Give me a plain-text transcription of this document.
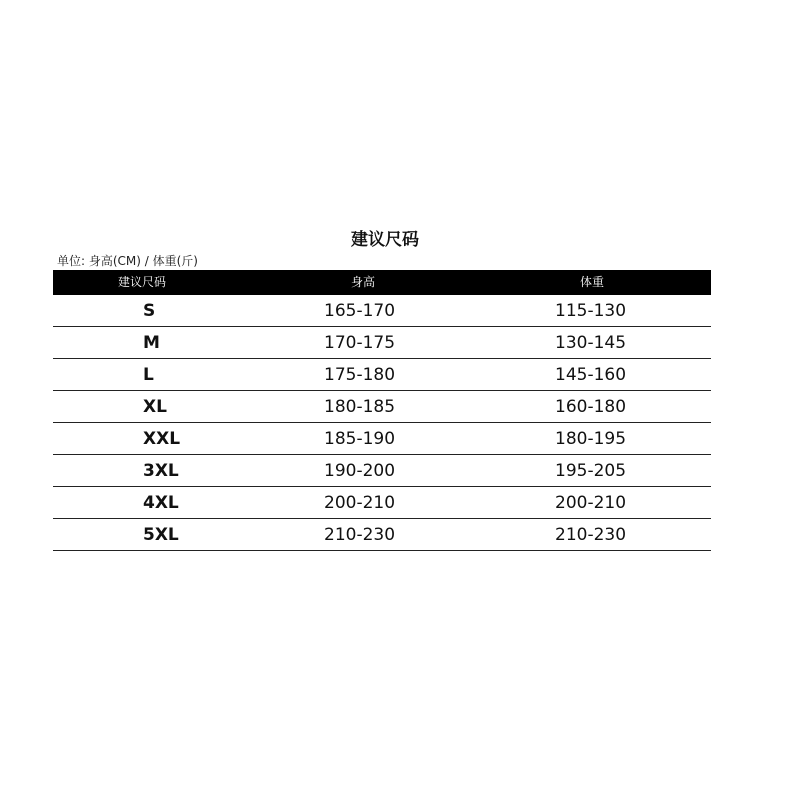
建议尺码
单位: 身高(CM) / 体重(斤)
建议尺码	身高	体重
S	165-170	115-130
M	170-175	130-145
L	175-180	145-160
XL	180-185	160-180
XXL	185-190	180-195
3XL	190-200	195-205
4XL	200-210	200-210
5XL	210-230	210-230
